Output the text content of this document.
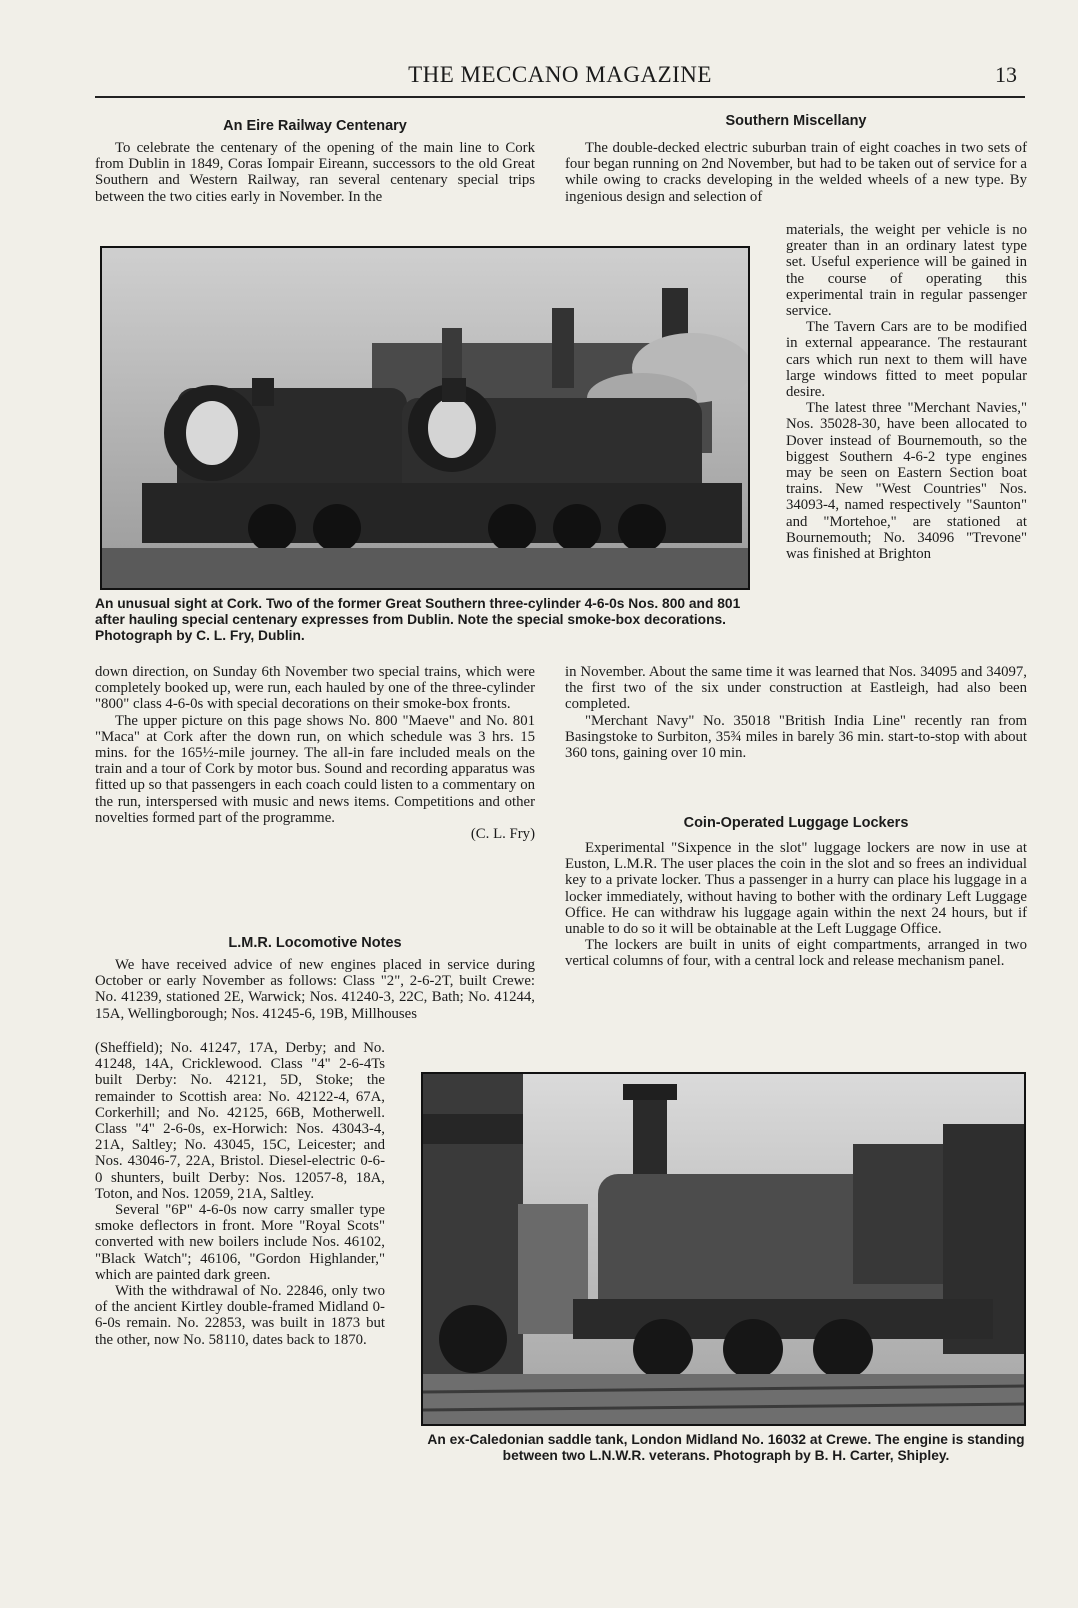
THE MECCANO MAGAZINE	13
An Eire Railway Centenary

To celebrate the centenary of the opening of the main line to Cork from Dublin in 1849, Coras Iompair Eireann, successors to the old Great Southern and Western Railway, ran several centenary special trips between the two cities early in November. In the

Southern Miscellany

The double-decked electric suburban train of eight coaches in two sets of four began running on 2nd November, but had to be taken out of service for a while owing to cracks developing in the welded wheels of a new type. By ingenious design and selection of

An unusual sight at Cork. Two of the former Great Southern three-cylinder 4-6-0s Nos. 800 and 801 after hauling special centenary expresses from Dublin. Note the special smoke-box decorations. Photograph by C. L. Fry, Dublin.

materials, the weight per vehicle is no greater than in an ordinary latest type set. Useful experience will be gained in the course of operating this experimental train in regular passenger service.

The Tavern Cars are to be modified in external appearance. The restaurant cars which run next to them will have large windows fitted to meet popular desire.

The latest three "Merchant Navies," Nos. 35028-30, have been allocated to Dover instead of Bournemouth, so the biggest Southern 4-6-2 type engines may be seen on Eastern Section boat trains. New "West Countries" Nos. 34093-4, named respectively "Saunton" and "Mortehoe," are stationed at Bournemouth; No. 34096 "Trevone" was finished at Brighton

down direction, on Sunday 6th November two special trains, which were completely booked up, were run, each hauled by one of the three-cylinder "800" class 4-6-0s with special decorations on their smoke-box fronts.

The upper picture on this page shows No. 800 "Maeve" and No. 801 "Maca" at Cork after the down run, on which schedule was 3 hrs. 15 mins. for the 165½-mile journey. The all-in fare included meals on the train and a tour of Cork by motor bus. Sound and recording apparatus was fitted up so that passengers in each coach could listen to a commentary on the run, interspersed with music and news items. Competitions and other novelties formed part of the programme.

(C. L. Fry)

L.M.R. Locomotive Notes

We have received advice of new engines placed in service during October or early November as follows: Class "2", 2-6-2T, built Crewe: No. 41239, stationed 2E, Warwick; Nos. 41240-3, 22C, Bath; No. 41244, 15A, Wellingborough; Nos. 41245-6, 19B, Millhouses

in November. About the same time it was learned that Nos. 34095 and 34097, the first two of the six under construction at Eastleigh, had also been completed.

"Merchant Navy" No. 35018 "British India Line" recently ran from Basingstoke to Surbiton, 35¾ miles in barely 36 min. start-to-stop with about 360 tons, gaining over 10 min.

Coin-Operated Luggage Lockers

Experimental "Sixpence in the slot" luggage lockers are now in use at Euston, L.M.R. The user places the coin in the slot and so frees an individual key to a private locker. Thus a passenger in a hurry can place his luggage in a locker immediately, without having to bother with the ordinary Left Luggage Office. He can withdraw his luggage again within the next 24 hours, but if unable to do so it will be obtainable at the Left Luggage Office.

The lockers are built in units of eight compartments, arranged in two vertical columns of four, with a central lock and release mechanism panel.

(Sheffield); No. 41247, 17A, Derby; and No. 41248, 14A, Cricklewood. Class "4" 2-6-4Ts built Derby: No. 42121, 5D, Stoke; the remainder to Scottish area: No. 42122-4, 67A, Corkerhill; and No. 42125, 66B, Motherwell. Class "4" 2-6-0s, ex-Horwich: Nos. 43043-4, 21A, Saltley; No. 43045, 15C, Leicester; and Nos. 43046-7, 22A, Bristol. Diesel-electric 0-6-0 shunters, built Derby: Nos. 12057-8, 18A, Toton, and Nos. 12059, 21A, Saltley.

Several "6P" 4-6-0s now carry smaller type smoke deflectors in front. More "Royal Scots" converted with new boilers include Nos. 46102, "Black Watch"; 46106, "Gordon Highlander," which are painted dark green.

With the withdrawal of No. 22846, only two of the ancient Kirtley double-framed Midland 0-6-0s remain. No. 22853, was built in 1873 but the other, now No. 58110, dates back to 1870.

An ex-Caledonian saddle tank, London Midland No. 16032 at Crewe. The engine is standing between two L.N.W.R. veterans. Photograph by B. H. Carter, Shipley.
